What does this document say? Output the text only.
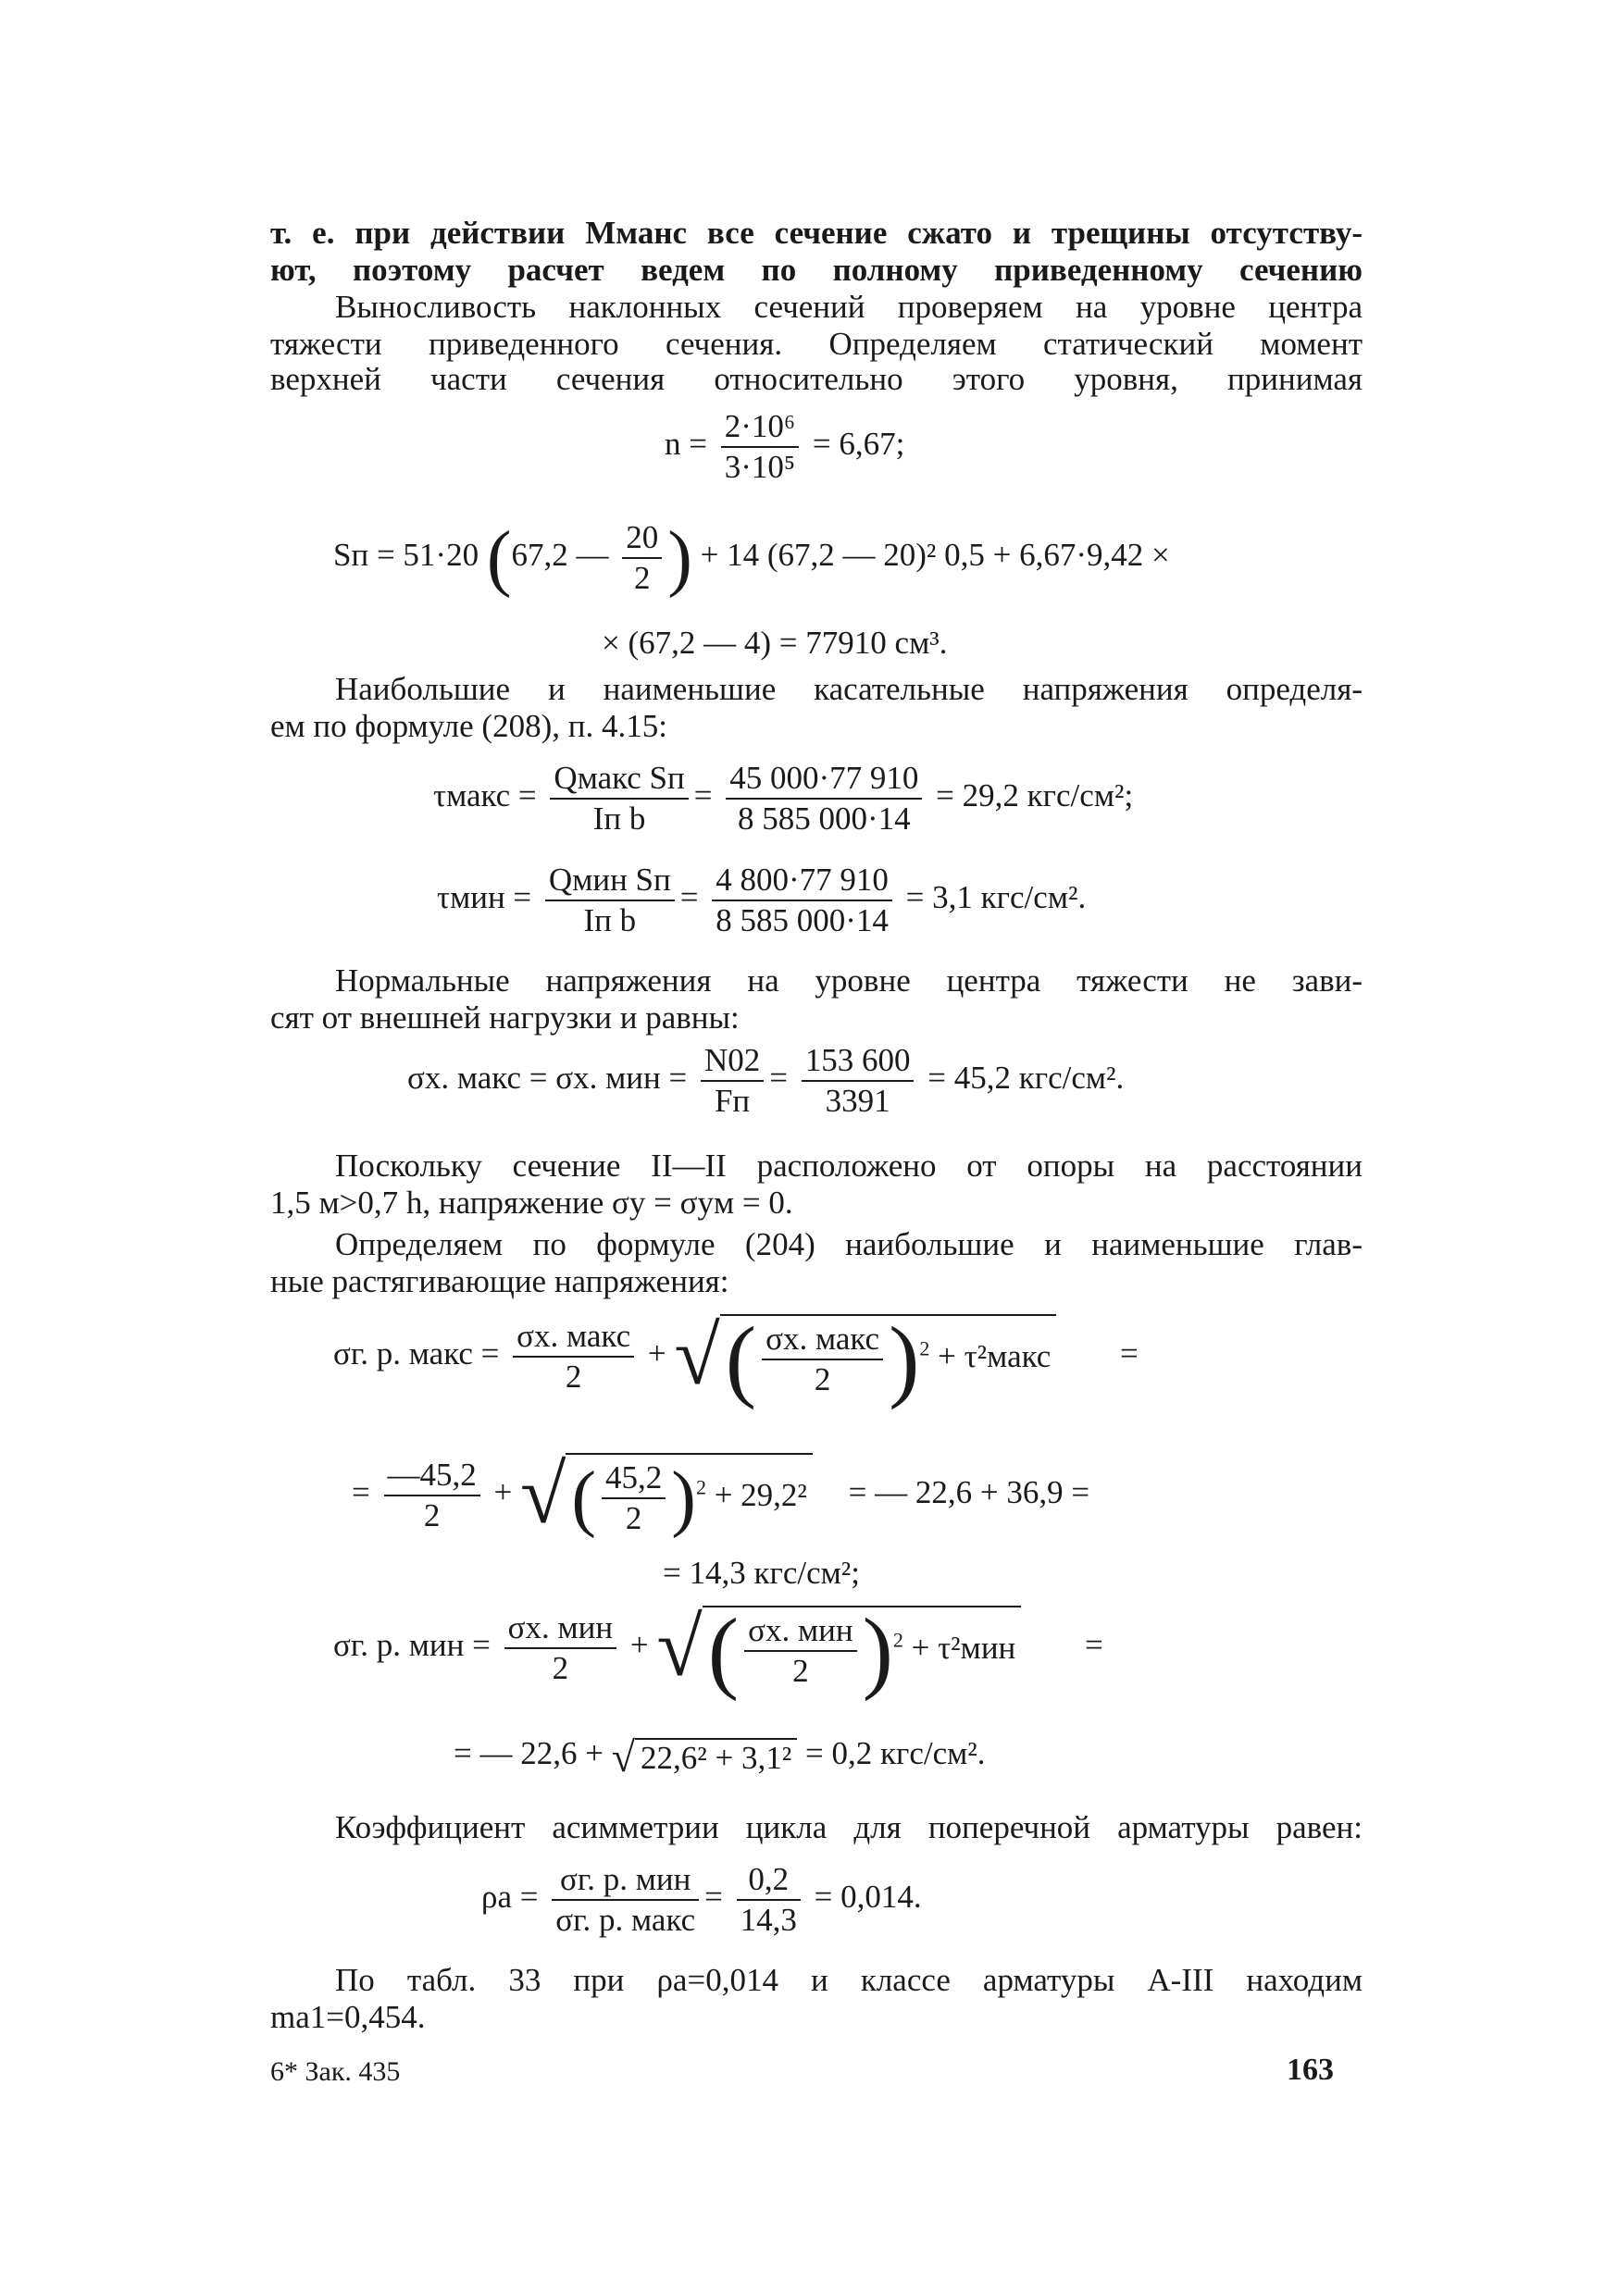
т. е. при действии Мманс все сечение сжато и трещины отсутству-
ют, поэтому расчет ведем по полному приведенному сечению
Выносливость наклонных сечений проверяем на уровне центра
тяжести приведенного сечения. Определяем статический момент
верхней части сечения относительно этого уровня, принимая
$n = \frac{\text{2·10⁶}}{\text{3·10⁵}} = 6,67$;
Sп = 51·20 (67,2 — $\frac{20}{2}$ ) + 14 (67,2 — 20)² 0,5 + 6,67·9,42 ×
× (67,2 — 4) = 77910 см³.
Наибольшие и наименьшие касательные напряжения определя-
ем по формуле (208), п. 4.15:
τмакс = Qмакс Sп
Iп b
= $\frac{45 000\cdot 77 910}{8 585 000\cdot 14} = 29,2$ кгс/см²;
τмин = Qмин Sп
Iп b
= $\frac{4 800\cdot 77 910}{8 585 000\cdot 14} = 3,1$ кгс/см².
Нормальные напряжения на уровне центра тяжести не зави-
сят от внешней нагрузки и равны:
σx. макс = σx. мин = N02
Fп
= $\frac{153 600}{3391} = 45,2$ кгс/см².
Поскольку сечение II—II расположено от опоры на расстоянии
1,5 м>0,7 h, напряжение σy = σyм = 0.
Определяем по формуле (204) наибольшие и наименьшие глав-
ные растягивающие напряжения:
σг. р. макс = σx. макс
2
+ √( σx. макс
2 )$^2$ + τ²макс =
= $\frac{—45,2}{2}$ + √( $\frac{45,2}{2} )^2 + 29,2^2$ = — 22,6 + 36,9 =
= 14,3 кгс/см²;
σг. р. мин = σx. мин
2
+ √( σx. мин
2 )$^2$ + τ²мин =
= — 22,6 + √ 22,6² + 3,1² = 0,2 кгс/см².
Коэффициент асимметрии цикла для поперечной арматуры равен:
ρa = σг. р. мин
σг. р. макс
= $\frac{0,2}{14,3} = 0,014$.
По табл. 33 при ρa=0,014 и классе арматуры А-III находим
ma1=0,454.
6* Зак. 435	163
